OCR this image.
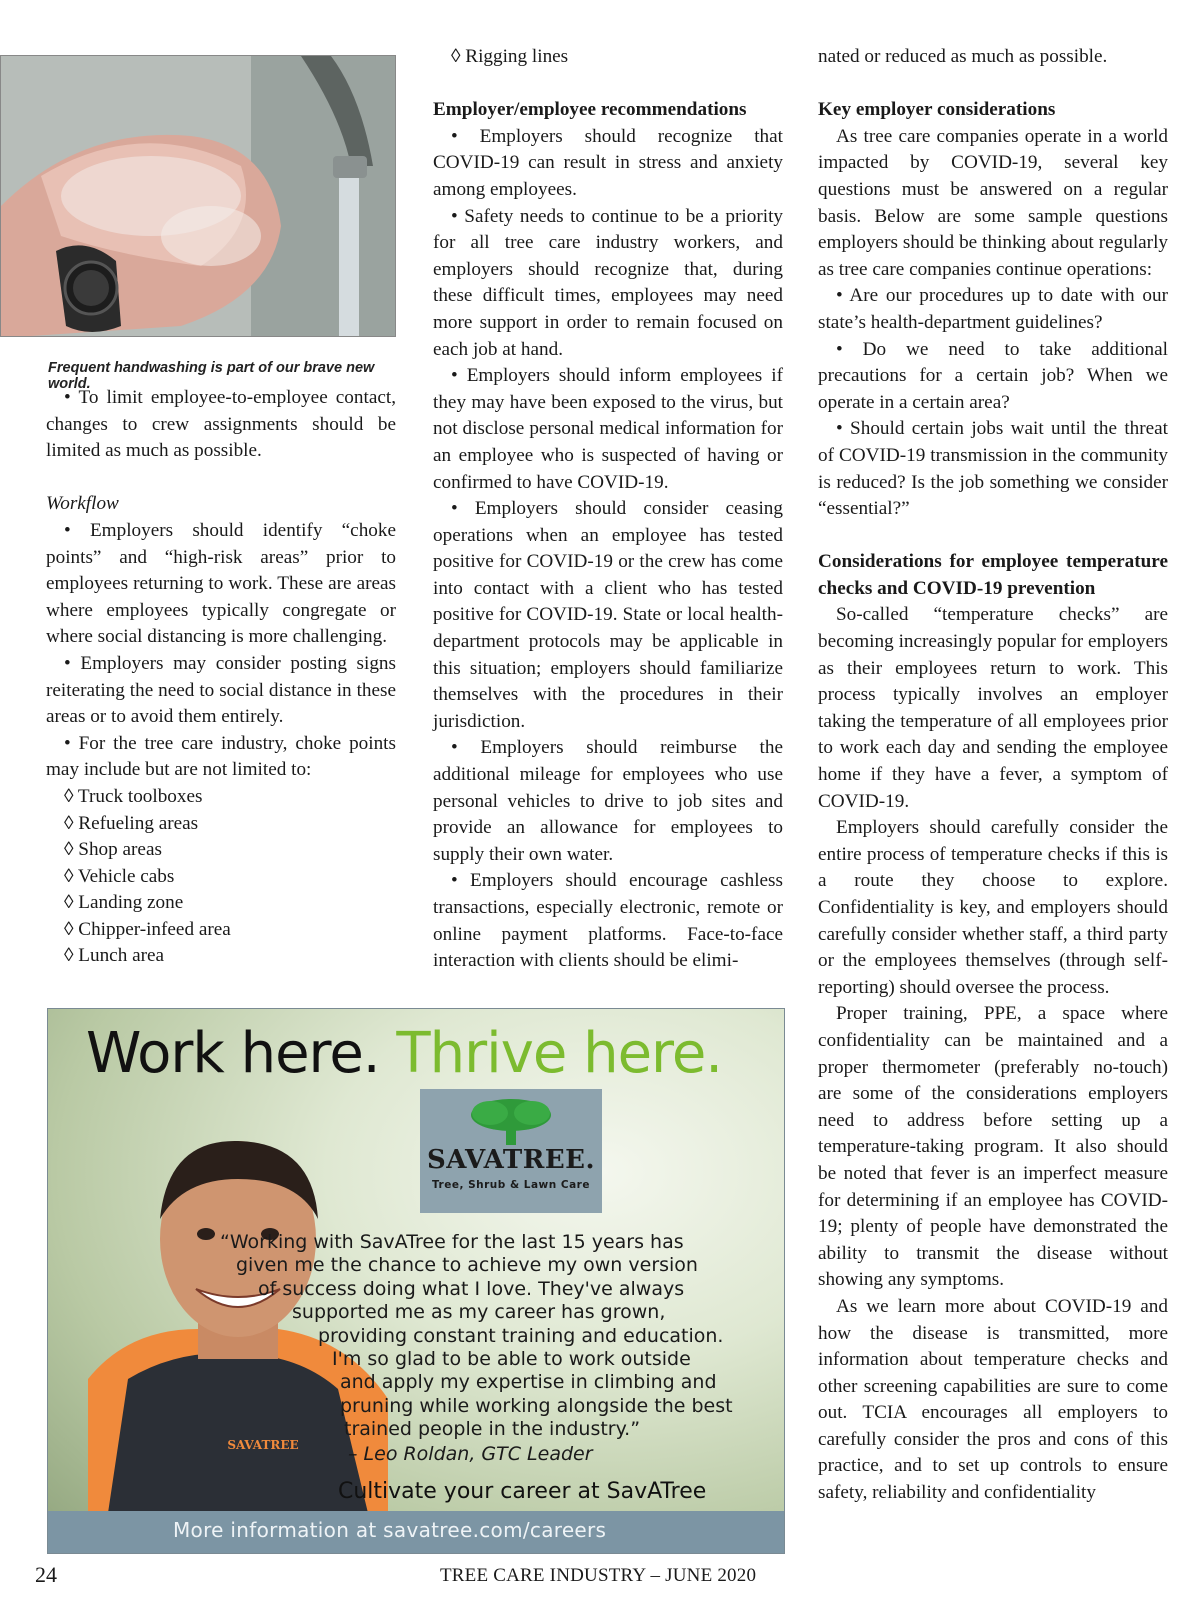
Frequent handwashing is part of our brave new world.

• To limit employee-to-employee contact, changes to crew assignments should be limited as much as possible.

Workflow

• Employers should identify “choke points” and “high-risk areas” prior to employees returning to work. These are areas where employees typically congregate or where social distancing is more challenging.

• Employers may consider posting signs reiterating the need to social distance in these areas or to avoid them entirely.

• For the tree care industry, choke points may include but are not limited to:

◊ Truck toolboxes
◊ Refueling areas
◊ Shop areas
◊ Vehicle cabs
◊ Landing zone
◊ Chipper-infeed area
◊ Lunch area
◊ Rigging lines

Employer/employee recommendations

• Employers should recognize that COVID-19 can result in stress and anxiety among employees.

• Safety needs to continue to be a priority for all tree care industry workers, and employers should recognize that, during these difficult times, employees may need more support in order to remain focused on each job at hand.

• Employers should inform employees if they may have been exposed to the virus, but not disclose personal medical information for an employee who is suspected of having or confirmed to have COVID-19.

• Employers should consider ceasing operations when an employee has tested positive for COVID-19 or the crew has come into contact with a client who has tested positive for COVID-19. State or local health-department protocols may be applicable in this situation; employers should familiarize themselves with the procedures in their jurisdiction.

• Employers should reimburse the additional mileage for employees who use personal vehicles to drive to job sites and provide an allowance for employees to supply their own water.

• Employers should encourage cashless transactions, especially electronic, remote or online payment platforms. Face-to-face interaction with clients should be elimi-

nated or reduced as much as possible.

Key employer considerations

As tree care companies operate in a world impacted by COVID-19, several key questions must be answered on a regular basis. Below are some sample questions employers should be thinking about regularly as tree care companies continue operations:

• Are our procedures up to date with our state’s health-department guidelines?

• Do we need to take additional precautions for a certain job? When we operate in a certain area?

• Should certain jobs wait until the threat of COVID-19 transmission in the community is reduced? Is the job something we consider “essential?”

Considerations for employee temperature checks and COVID-19 prevention

So-called “temperature checks” are becoming increasingly popular for employers as their employees return to work. This process typically involves an employer taking the temperature of all employees prior to work each day and sending the employee home if they have a fever, a symptom of COVID-19.

Employers should carefully consider the entire process of temperature checks if this is a route they choose to explore. Confidentiality is key, and employers should carefully consider whether staff, a third party or the employees themselves (through self-reporting) should oversee the process.

Proper training, PPE, a space where confidentiality can be maintained and a proper thermometer (preferably no-touch) are some of the considerations employers need to address before setting up a temperature-taking program. It also should be noted that fever is an imperfect measure for determining if an employee has COVID-19; plenty of people have demonstrated the ability to transmit the disease without showing any symptoms.

As we learn more about COVID-19 and how the disease is transmitted, more information about temperature checks and other screening capabilities are sure to come out. TCIA encourages all employers to carefully consider the pros and cons of this practice, and to set up controls to ensure safety, reliability and confidentiality

SAVATREE
Work here. Thrive here.
SAVATREE.
Tree, Shrub & Lawn Care
“Working with SavATree for the last 15 years has
given me the chance to achieve my own version
of success doing what I love. They've always
supported me as my career has grown,
providing constant training and education.
I'm so glad to be able to work outside
and apply my expertise in climbing and
pruning while working alongside the best
trained people in the industry.”
– Leo Roldan, GTC Leader
Cultivate your career at SavATree
More information at savatree.com/careers
24	TREE CARE INDUSTRY – JUNE 2020
